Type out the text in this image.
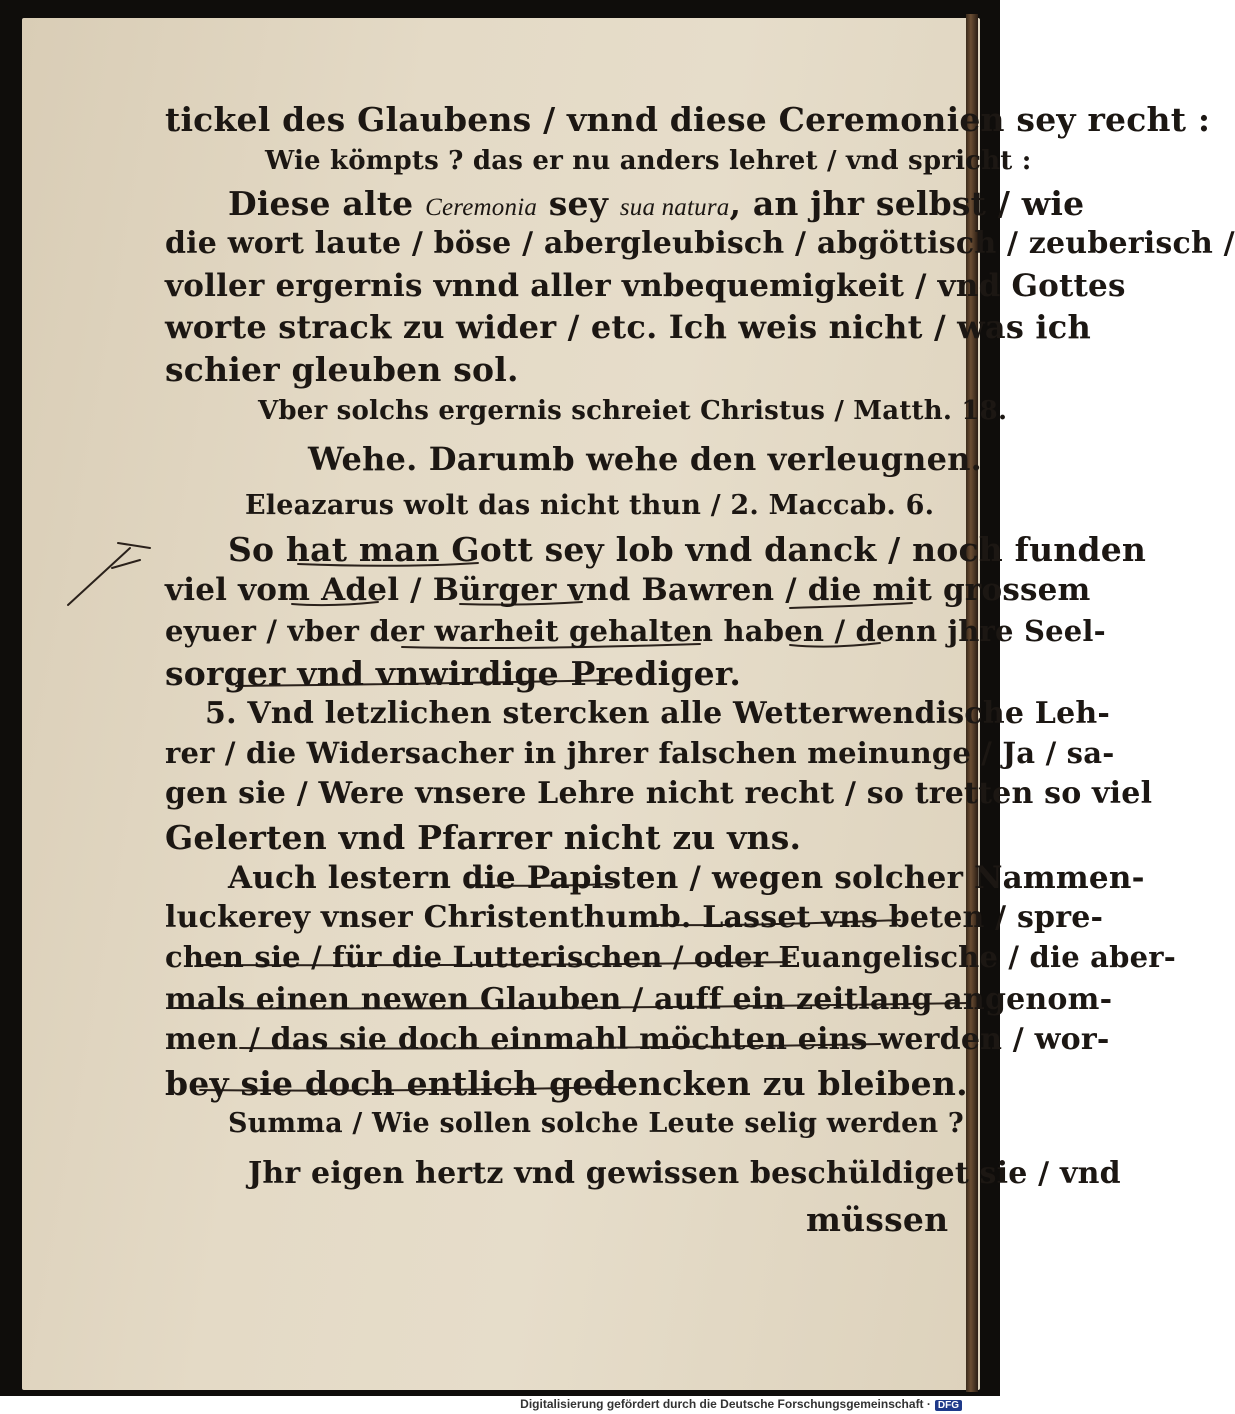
tickel des Glaubens / vnnd diese Ceremonien sey recht :
Wie kömpts ? das er nu anders lehret / vnd spricht :
Diese alte Ceremonia sey sua natura, an jhr selbst / wie
die wort laute / böse / abergleubisch / abgöttisch / zeuberisch /
voller ergernis vnnd aller vnbequemigkeit / vnd Gottes
worte strack zu wider / etc. Ich weis nicht / was ich
schier gleuben sol.
Vber solchs ergernis schreiet Christus / Matth. 18.
Wehe. Darumb wehe den verleugnen.
Eleazarus wolt das nicht thun / 2. Maccab. 6.
So hat man Gott sey lob vnd danck / noch funden
viel vom Adel / Bürger vnd Bawren / die mit grossem
eyuer / vber der warheit gehalten haben / denn jhre Seel-
sorger vnd vnwirdige Prediger.
5. Vnd letzlichen stercken alle Wetterwendische Leh-
rer / die Widersacher in jhrer falschen meinunge / Ja / sa-
gen sie / Were vnsere Lehre nicht recht / so tretten so viel
Gelerten vnd Pfarrer nicht zu vns.
Auch lestern die Papisten / wegen solcher Nammen-
luckerey vnser Christenthumb. Lasset vns beten / spre-
chen sie / für die Lutterischen / oder Euangelische / die aber-
mals einen newen Glauben / auff ein zeitlang angenom-
men / das sie doch einmahl möchten eins werden / wor-
bey sie doch entlich gedencken zu bleiben.
Summa / Wie sollen solche Leute selig werden ?
Jhr eigen hertz vnd gewissen beschüldiget sie / vnd
müssen
Digitalisierung gefördert durch die Deutsche Forschungsgemeinschaft · DFG
